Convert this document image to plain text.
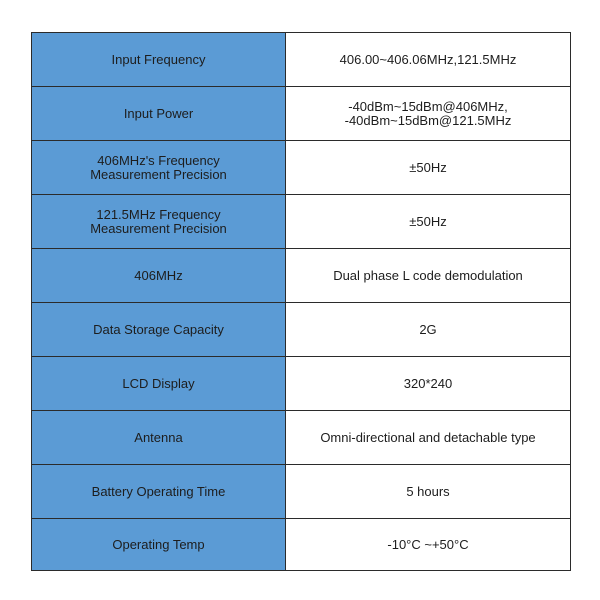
Input Frequency	406.00~406.06MHz,121.5MHz
Input Power	-40dBm~15dBm@406MHz,
-40dBm~15dBm@121.5MHz
406MHz's Frequency
Measurement Precision	±50Hz
121.5MHz Frequency
Measurement Precision	±50Hz
406MHz	Dual phase L code demodulation
Data Storage Capacity	2G
LCD Display	320*240
Antenna	Omni-directional and detachable type
Battery Operating Time	5 hours
Operating Temp	-10°C ~+50°C
